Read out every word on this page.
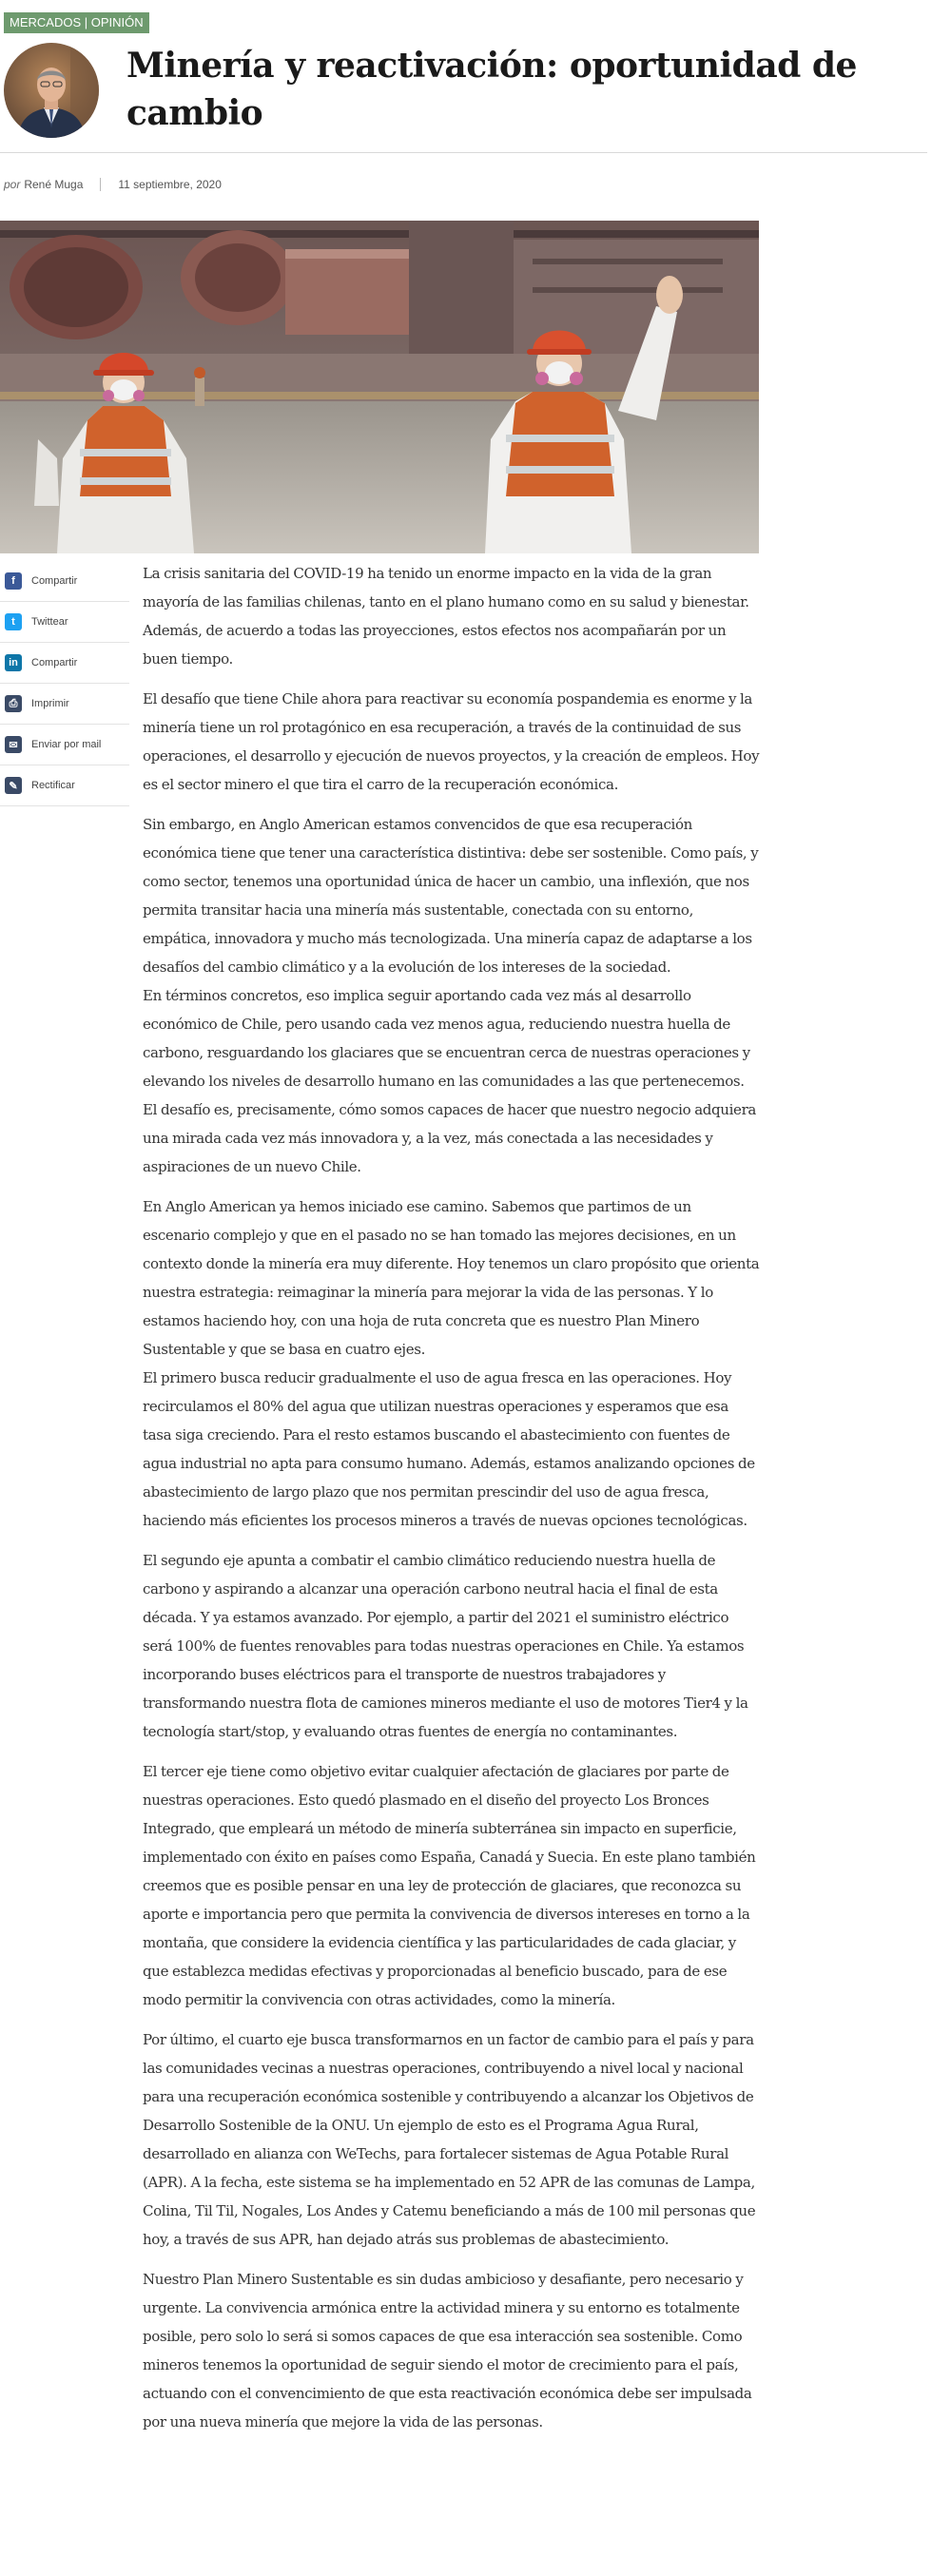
MERCADOS | OPINIÓN
Minería y reactivación: oportunidad de cambio
por René Muga	11 septiembre, 2020
f	Compartir
t	Twittear
in	Compartir
⎙	Imprimir
✉	Enviar por mail
✎	Rectificar

La crisis sanitaria del COVID-19 ha tenido un enorme impacto en la vida de la gran mayoría de las familias chilenas, tanto en el plano humano como en su salud y bienestar. Además, de acuerdo a todas las proyecciones, estos efectos nos acompañarán por un buen tiempo.

El desafío que tiene Chile ahora para reactivar su economía pospandemia es enorme y la minería tiene un rol protagónico en esa recuperación, a través de la continuidad de sus operaciones, el desarrollo y ejecución de nuevos proyectos, y la creación de empleos. Hoy es el sector minero el que tira el carro de la recuperación económica.

Sin embargo, en Anglo American estamos convencidos de que esa recuperación económica tiene que tener una característica distintiva: debe ser sostenible. Como país, y como sector, tenemos una oportunidad única de hacer un cambio, una inflexión, que nos permita transitar hacia una minería más sustentable, conectada con su entorno, empática, innovadora y mucho más tecnologizada. Una minería capaz de adaptarse a los desafíos del cambio climático y a la evolución de los intereses de la sociedad.

En términos concretos, eso implica seguir aportando cada vez más al desarrollo económico de Chile, pero usando cada vez menos agua, reduciendo nuestra huella de carbono, resguardando los glaciares que se encuentran cerca de nuestras operaciones y elevando los niveles de desarrollo humano en las comunidades a las que pertenecemos. El desafío es, precisamente, cómo somos capaces de hacer que nuestro negocio adquiera una mirada cada vez más innovadora y, a la vez, más conectada a las necesidades y aspiraciones de un nuevo Chile.

En Anglo American ya hemos iniciado ese camino. Sabemos que partimos de un escenario complejo y que en el pasado no se han tomado las mejores decisiones, en un contexto donde la minería era muy diferente. Hoy tenemos un claro propósito que orienta nuestra estrategia: reimaginar la minería para mejorar la vida de las personas. Y lo estamos haciendo hoy, con una hoja de ruta concreta que es nuestro Plan Minero Sustentable y que se basa en cuatro ejes.

El primero busca reducir gradualmente el uso de agua fresca en las operaciones. Hoy recirculamos el 80% del agua que utilizan nuestras operaciones y esperamos que esa tasa siga creciendo. Para el resto estamos buscando el abastecimiento con fuentes de agua industrial no apta para consumo humano. Además, estamos analizando opciones de abastecimiento de largo plazo que nos permitan prescindir del uso de agua fresca, haciendo más eficientes los procesos mineros a través de nuevas opciones tecnológicas.

El segundo eje apunta a combatir el cambio climático reduciendo nuestra huella de carbono y aspirando a alcanzar una operación carbono neutral hacia el final de esta década. Y ya estamos avanzado. Por ejemplo, a partir del 2021 el suministro eléctrico será 100% de fuentes renovables para todas nuestras operaciones en Chile. Ya estamos incorporando buses eléctricos para el transporte de nuestros trabajadores y transformando nuestra flota de camiones mineros mediante el uso de motores Tier4 y la tecnología start/stop, y evaluando otras fuentes de energía no contaminantes.

El tercer eje tiene como objetivo evitar cualquier afectación de glaciares por parte de nuestras operaciones. Esto quedó plasmado en el diseño del proyecto Los Bronces Integrado, que empleará un método de minería subterránea sin impacto en superficie, implementado con éxito en países como España, Canadá y Suecia. En este plano también creemos que es posible pensar en una ley de protección de glaciares, que reconozca su aporte e importancia pero que permita la convivencia de diversos intereses en torno a la montaña, que considere la evidencia científica y las particularidades de cada glaciar, y que establezca medidas efectivas y proporcionadas al beneficio buscado, para de ese modo permitir la convivencia con otras actividades, como la minería.

Por último, el cuarto eje busca transformarnos en un factor de cambio para el país y para las comunidades vecinas a nuestras operaciones, contribuyendo a nivel local y nacional para una recuperación económica sostenible y contribuyendo a alcanzar los Objetivos de Desarrollo Sostenible de la ONU. Un ejemplo de esto es el Programa Agua Rural, desarrollado en alianza con WeTechs, para fortalecer sistemas de Agua Potable Rural (APR). A la fecha, este sistema se ha implementado en 52 APR de las comunas de Lampa, Colina, Til Til, Nogales, Los Andes y Catemu beneficiando a más de 100 mil personas que hoy, a través de sus APR, han dejado atrás sus problemas de abastecimiento.

Nuestro Plan Minero Sustentable es sin dudas ambicioso y desafiante, pero necesario y urgente. La convivencia armónica entre la actividad minera y su entorno es totalmente posible, pero solo lo será si somos capaces de que esa interacción sea sostenible. Como mineros tenemos la oportunidad de seguir siendo el motor de crecimiento para el país, actuando con el convencimiento de que esta reactivación económica debe ser impulsada por una nueva minería que mejore la vida de las personas.
